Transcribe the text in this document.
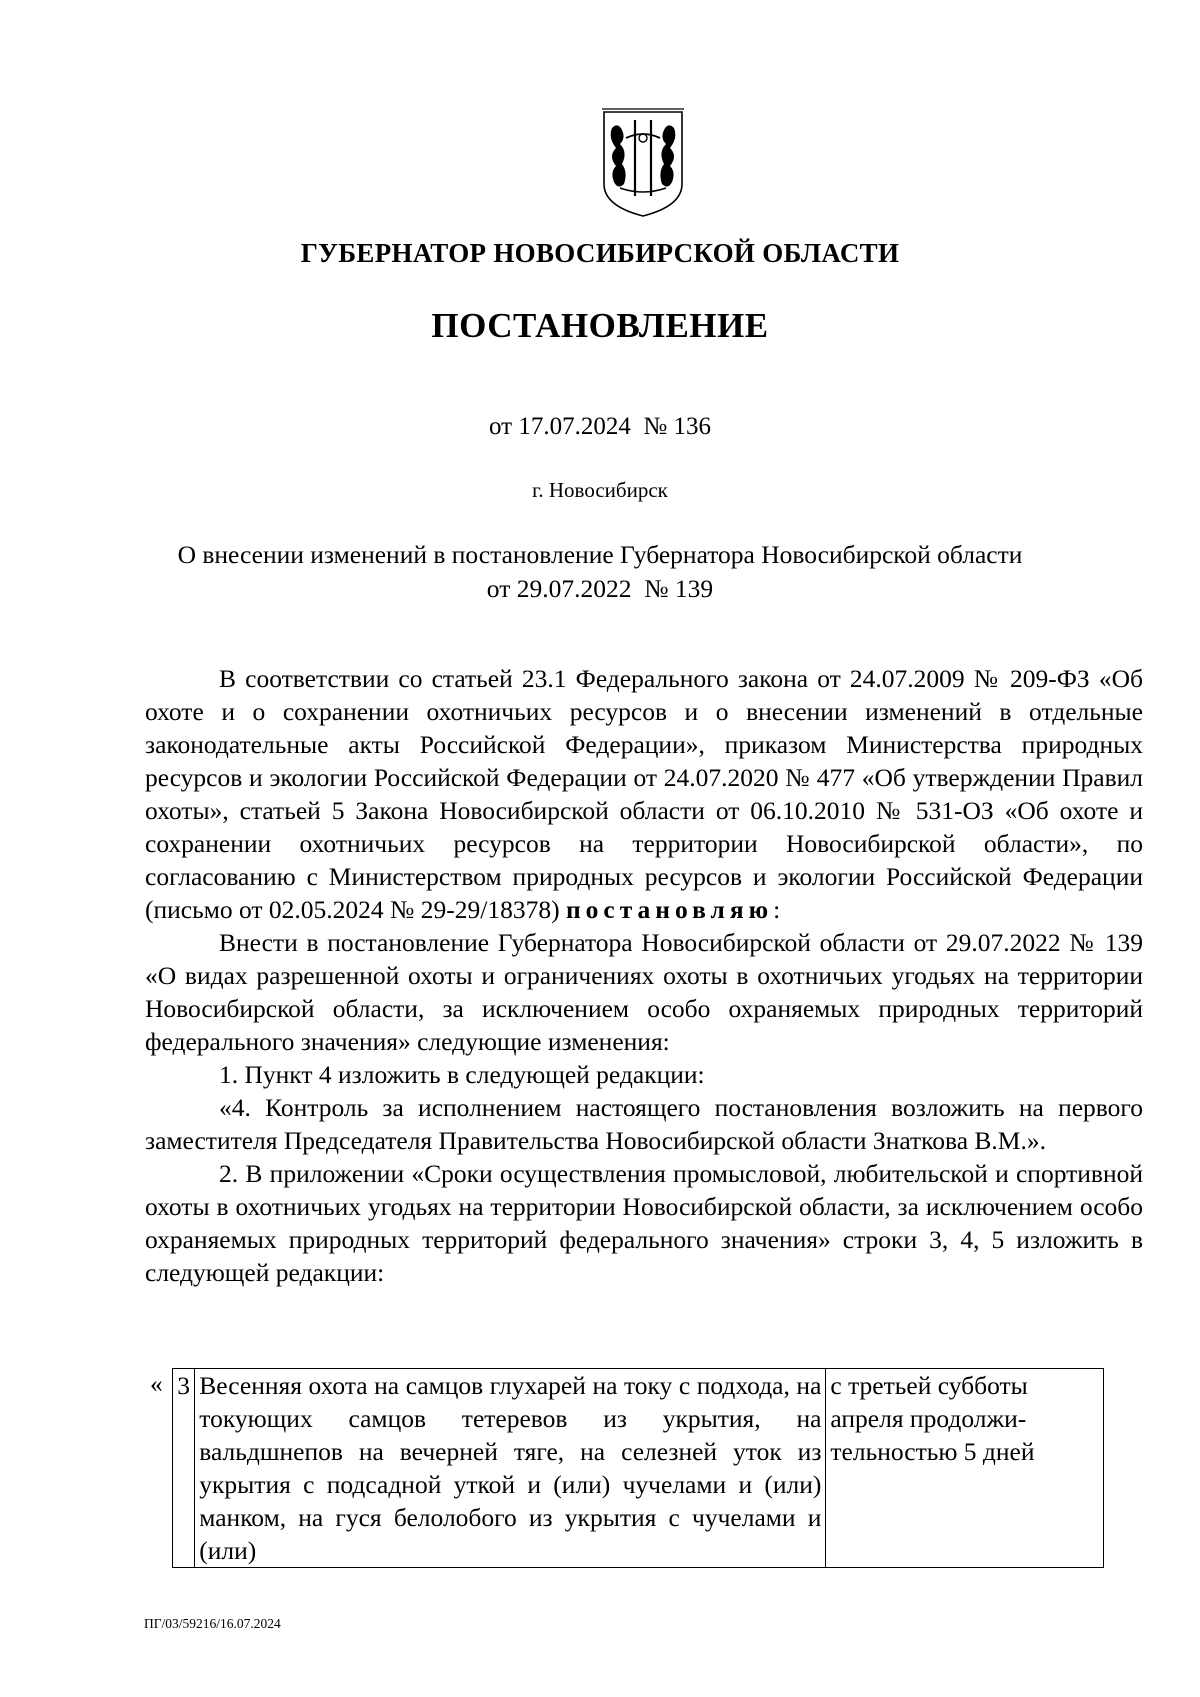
ГУБЕРНАТОР НОВОСИБИРСКОЙ ОБЛАСТИ
ПОСТАНОВЛЕНИЕ
от 17.07.2024  № 136
г. Новосибирск
О внесении изменений в постановление Губернатора Новосибирской области
от 29.07.2022  № 139

В соответствии со статьей 23.1 Федерального закона от 24.07.2009 № 209-ФЗ «Об охоте и о сохранении охотничьих ресурсов и о внесении изменений в отдельные законодательные акты Российской Федерации», приказом Министерства природных ресурсов и экологии Российской Федерации от 24.07.2020 № 477 «Об утверждении Правил охоты», статьей 5 Закона Новосибирской области от 06.10.2010 № 531-ОЗ «Об охоте и сохранении охотничьих ресурсов на территории Новосибирской области», по согласованию с Министерством природных ресурсов и экологии Российской Федерации (письмо от 02.05.2024 № 29-29/18378) постановляю:

Внести в постановление Губернатора Новосибирской области от 29.07.2022 № 139 «О видах разрешенной охоты и ограничениях охоты в охотничьих угодьях на территории Новосибирской области, за исключением особо охраняемых природных территорий федерального значения» следующие изменения:

1. Пункт 4 изложить в следующей редакции:

«4. Контроль за исполнением настоящего постановления возложить на первого заместителя Председателя Правительства Новосибирской области Знаткова В.М.».

2. В приложении «Сроки осуществления промысловой, любительской и спортивной охоты в охотничьих угодьях на территории Новосибирской области, за исключением особо охраняемых природных территорий федерального значения» строки 3, 4, 5 изложить в следующей редакции:

« 3	Весенняя охота на самцов глухарей на току с подхода, на токующих самцов тетеревов из укрытия, на вальдшнепов на вечерней тяге, на селезней уток из укрытия с подсадной уткой и (или) чучелами и (или) манком, на гуся белолобого из укрытия с чучелами и (или)	с третьей субботы апреля продолжи-тельностью 5 дней
ПГ/03/59216/16.07.2024
